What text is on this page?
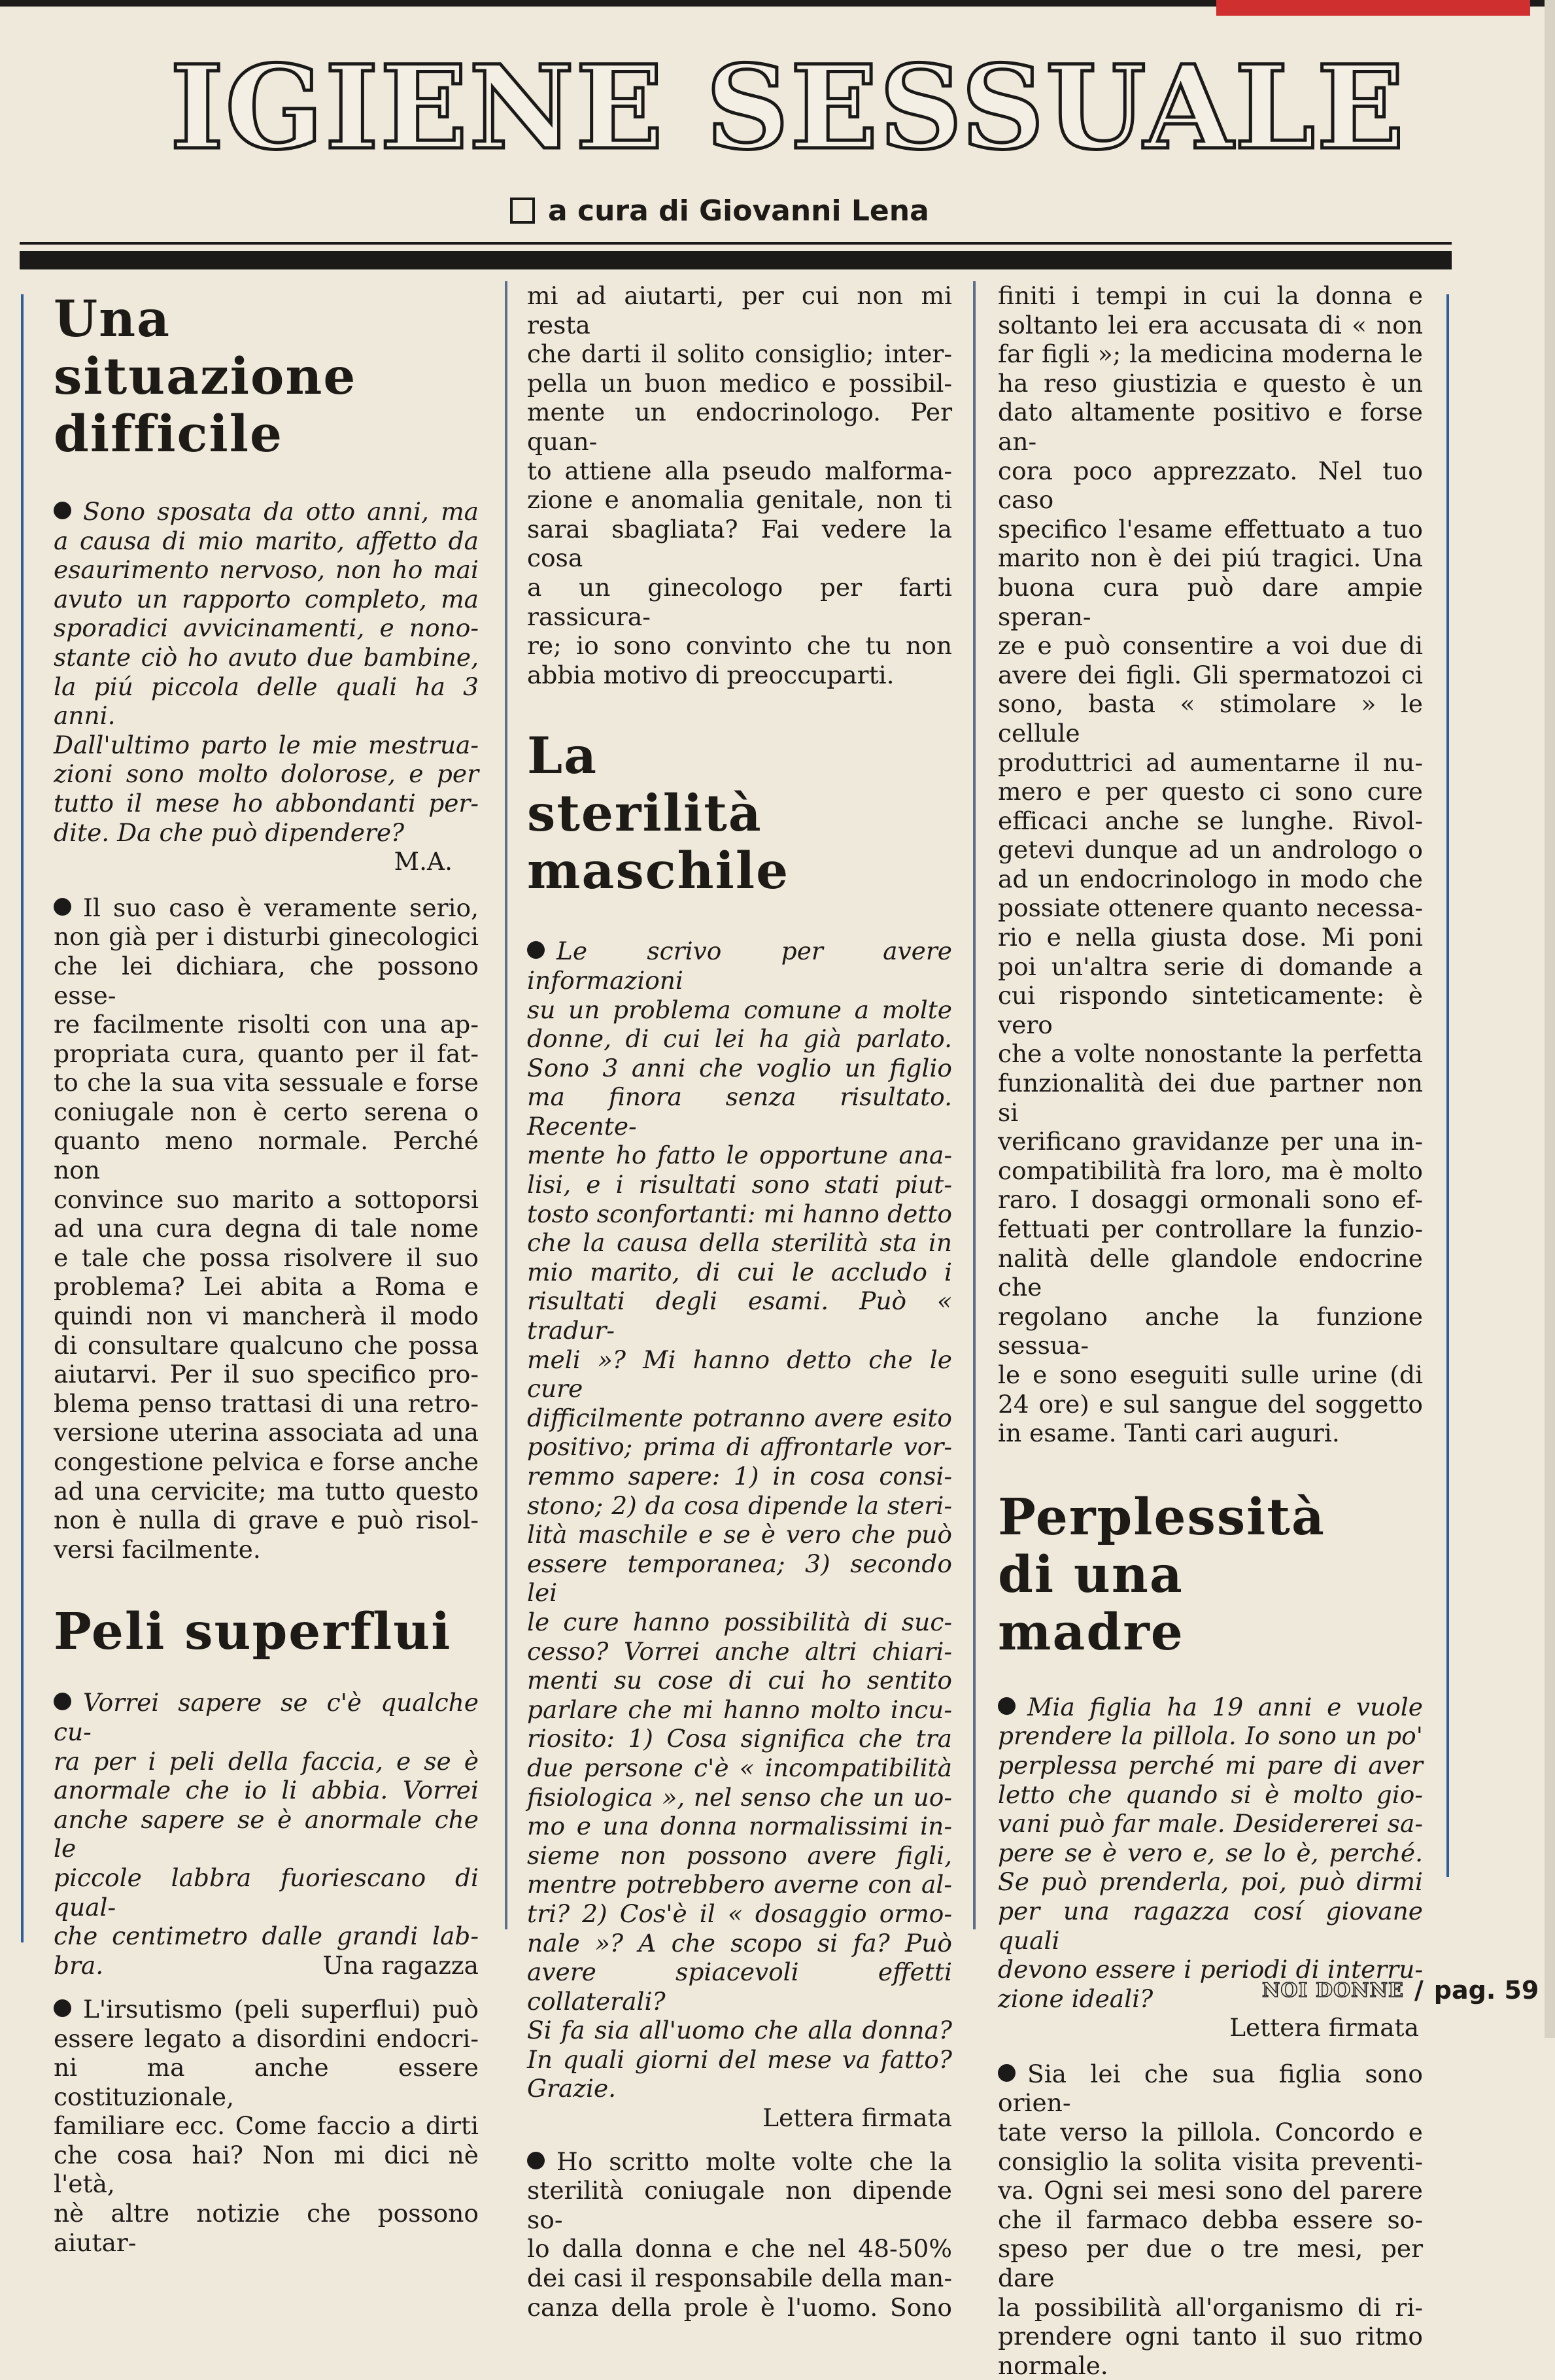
IGIENE SESSUALE
a cura di Giovanni Lena
Una situazione difficile

Sono sposata da otto anni, ma

a causa di mio marito, affetto da

esaurimento nervoso, non ho mai

avuto un rapporto completo, ma

sporadici avvicinamenti, e nono-

stante ciò ho avuto due bambine,

la piú piccola delle quali ha 3 anni.

Dall'ultimo parto le mie mestrua-

zioni sono molto dolorose, e per

tutto il mese ho abbondanti per-

dite. Da che può dipendere?

M.A.

Il suo caso è veramente serio,

non già per i disturbi ginecologici

che lei dichiara, che possono esse-

re facilmente risolti con una ap-

propriata cura, quanto per il fat-

to che la sua vita sessuale e forse

coniugale non è certo serena o

quanto meno normale. Perché non

convince suo marito a sottoporsi

ad una cura degna di tale nome

e tale che possa risolvere il suo

problema? Lei abita a Roma e

quindi non vi mancherà il modo

di consultare qualcuno che possa

aiutarvi. Per il suo specifico pro-

blema penso trattasi di una retro-

versione uterina associata ad una

congestione pelvica e forse anche

ad una cervicite; ma tutto questo

non è nulla di grave e può risol-

versi facilmente.

Peli superflui

Vorrei sapere se c'è qualche cu-

ra per i peli della faccia, e se è

anormale che io li abbia. Vorrei

anche sapere se è anormale che le

piccole labbra fuoriescano di qual-

che centimetro dalle grandi lab-

bra.	Una ragazza

L'irsutismo (peli superflui) può

essere legato a disordini endocri-

ni ma anche essere costituzionale,

familiare ecc. Come faccio a dirti

che cosa hai? Non mi dici nè l'età,

nè altre notizie che possono aiutar-

mi ad aiutarti, per cui non mi resta

che darti il solito consiglio; inter-

pella un buon medico e possibil-

mente un endocrinologo. Per quan-

to attiene alla pseudo malforma-

zione e anomalia genitale, non ti

sarai sbagliata? Fai vedere la cosa

a un ginecologo per farti rassicura-

re; io sono convinto che tu non

abbia motivo di preoccuparti.

La sterilità maschile

Le scrivo per avere informazioni

su un problema comune a molte

donne, di cui lei ha già parlato.

Sono 3 anni che voglio un figlio

ma finora senza risultato. Recente-

mente ho fatto le opportune ana-

lisi, e i risultati sono stati piut-

tosto sconfortanti: mi hanno detto

che la causa della sterilità sta in

mio marito, di cui le accludo i

risultati degli esami. Può « tradur-

meli »? Mi hanno detto che le cure

difficilmente potranno avere esito

positivo; prima di affrontarle vor-

remmo sapere: 1) in cosa consi-

stono; 2) da cosa dipende la steri-

lità maschile e se è vero che può

essere temporanea; 3) secondo lei

le cure hanno possibilità di suc-

cesso? Vorrei anche altri chiari-

menti su cose di cui ho sentito

parlare che mi hanno molto incu-

riosito: 1) Cosa significa che tra

due persone c'è « incompatibilità

fisiologica », nel senso che un uo-

mo e una donna normalissimi in-

sieme non possono avere figli,

mentre potrebbero averne con al-

tri? 2) Cos'è il « dosaggio ormo-

nale »? A che scopo si fa? Può

avere spiacevoli effetti collaterali?

Si fa sia all'uomo che alla donna?

In quali giorni del mese va fatto?

Grazie.

Lettera firmata

Ho scritto molte volte che la

sterilità coniugale non dipende so-

lo dalla donna e che nel 48-50%

dei casi il responsabile della man-

canza della prole è l'uomo. Sono

finiti i tempi in cui la donna e

soltanto lei era accusata di « non

far figli »; la medicina moderna le

ha reso giustizia e questo è un

dato altamente positivo e forse an-

cora poco apprezzato. Nel tuo caso

specifico l'esame effettuato a tuo

marito non è dei piú tragici. Una

buona cura può dare ampie speran-

ze e può consentire a voi due di

avere dei figli. Gli spermatozoi ci

sono, basta « stimolare » le cellule

produttrici ad aumentarne il nu-

mero e per questo ci sono cure

efficaci anche se lunghe. Rivol-

getevi dunque ad un andrologo o

ad un endocrinologo in modo che

possiate ottenere quanto necessa-

rio e nella giusta dose. Mi poni

poi un'altra serie di domande a

cui rispondo sinteticamente: è vero

che a volte nonostante la perfetta

funzionalità dei due partner non si

verificano gravidanze per una in-

compatibilità fra loro, ma è molto

raro. I dosaggi ormonali sono ef-

fettuati per controllare la funzio-

nalità delle glandole endocrine che

regolano anche la funzione sessua-

le e sono eseguiti sulle urine (di

24 ore) e sul sangue del soggetto

in esame. Tanti cari auguri.

Perplessità di una madre

Mia figlia ha 19 anni e vuole

prendere la pillola. Io sono un po'

perplessa perché mi pare di aver

letto che quando si è molto gio-

vani può far male. Desidererei sa-

pere se è vero e, se lo è, perché.

Se può prenderla, poi, può dirmi

per una ragazza cosí giovane quali

devono essere i periodi di interru-

zione ideali?

Lettera firmata

Sia lei che sua figlia sono orien-

tate verso la pillola. Concordo e

consiglio la solita visita preventi-

va. Ogni sei mesi sono del parere

che il farmaco debba essere so-

speso per due o tre mesi, per dare

la possibilità all'organismo di ri-

prendere ogni tanto il suo ritmo

normale.

NOI DONNE / pag. 59
